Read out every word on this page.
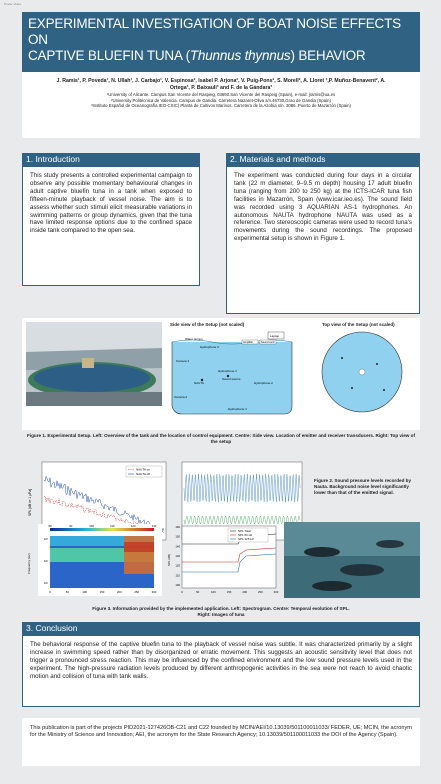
Poster Video
EXPERIMENTAL INVESTIGATION OF BOAT NOISE EFFECTS ON
CAPTIVE BLUEFIN TUNA (Thunnus thynnus) BEHAVIOR
J. Ramis¹, P. Poveda¹, N. Ullah¹, J. Carbajo¹, V. Espinosa², Isabel P. Arjona², V. Puig-Pons², S. Morell², A. Lloret ³,P. Muñoz-Benavent², A.
Ortega³, P. Baixauli³ and F. de la Gándara³
¹University of Alicante. Campus San Vicente del Raspeig, 03690.San Vicente del Raspeig (Spain), e-mail: jramis@ua.es
²University Politécnica de Valencia. Campus de Gandia. Carretera Nazaret-Oliva s/n.46730,Grao de Gandia (Spain)
³Instituto Español de Oceanografía IEO-CSIC) Planta de Cultivos Marinos. Carretera de la Azohia s/n. 3086. Puerto de Mazarrón (Spain)
1. Introduction
This study presents a controlled experimental campaign to observe any possible momentary behavioural changes in adult captive bluefin tuna in a tank when exposed to fifteen-minute playback of vessel noise. The aim is to assess whether such stimuli elicit measurable variations in swimming patterns or group dynamics, given that the tuna have limited response options due to the confined space inside tank compared to the open sea.
2. Materials and methods
The experiment was conducted during four days in a circular tank (22 m diameter, 9–9.5 m depth) housing 17 adult bluefin tuna (ranging from 200 to 250 kg) at the ICTS-ICAR tuna fish facilities in Mazarrón, Spain (www.icar.ieo.es). The sound field was recorded using 3 AQUARIAN AS-1 hydrophones. An autonomous NAUTA hydrophone NAUTA was used as a reference. Two stereoscopic cameras were used to record tuna's movements during the sound recordings. The proposed experimental setup is shown in Figure 1.
Side view of the Setup (not scaled)
Laptop
Amplifier	Sound card
Water pumps
Hydrophone 3
Camera 1
Hydrophone 1
Sound source
NAUTA	Hydrophone 2
Camera 2
Hydrophone 4
Top view of the Setup (not scaled)
Figure 1. Experimental Setup. Left: Overview of the tank and the location of control equipment. Centre: Side view. Location of emitter and receiver transducers. Right: Top view of the setup
NAUTA on
NAUTA off
SPL [dB re 1 µPa]
Figure 2. Sound pressure levels recorded by Nauta. Background noise level significantly lower than that of the emitted signal.
80	90	100	110	120	130
0	50	100	150	200	250	300
10³
10²
10¹
Frequency (Hz)
SPL Total
SPL 63 Hz
SPL 125 Hz
160
150
140
130
120
110
100
0	50	100	150	200	250	300
SPL (dB)
Figure 3. Information provided by the implemented application. Left: Spectrogram. Centre: Temporal evolution of SPL.
Right: Images of tuna
3. Conclusion
The behavioral response of the captive bluefin tuna to the playback of vessel noise was subtle. It was characterized primarily by a slight increase in swimming speed rather than by disorganized or erratic movement. This suggests an acoustic sensitivity level that does not trigger a pronounced stress reaction. This may be influenced by the confined environment and the low sound pressure levels used in the experiment. The high-pressure radiation levels produced by different anthropogenic activities in the sea were not reach to avoid chaotic motion and collision of tuna with tank walls.
This publication is part of the projects PID2021-127426OB-C21 and C22 founded by MCIN/AEI/10.13039/501100011033/ FEDER, UE; MCIN, the acronym for the Ministry of Science and Innovation; AEI, the acronym for the State Research Agency; 10.13039/501100011033 the DOI of the Agency (Spain).
